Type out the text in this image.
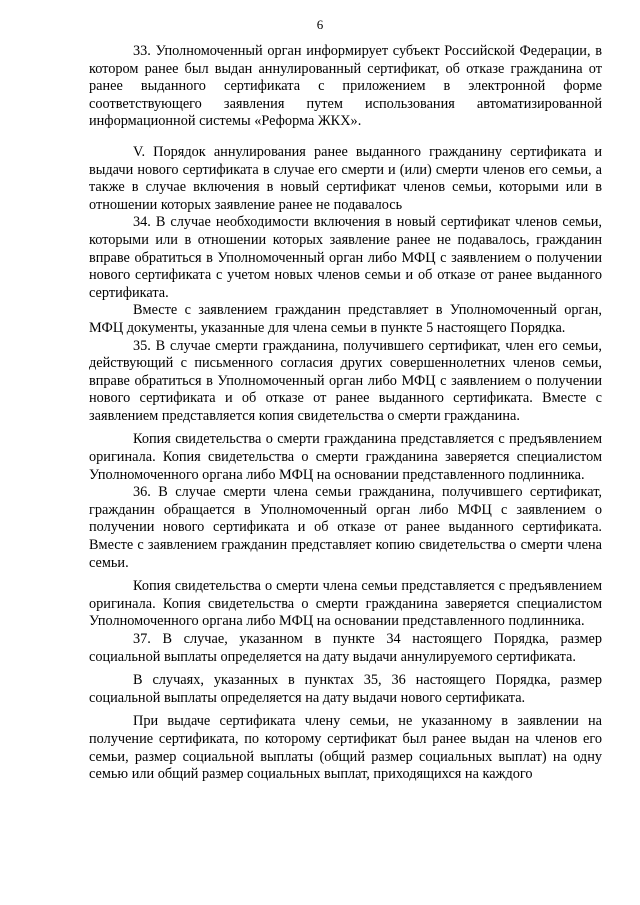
6

33. Уполномоченный орган информирует субъект Российской Федерации, в котором ранее был выдан аннулированный сертификат, об отказе гражданина от ранее выданного сертификата с приложением в электронной форме соответствующего заявления путем использования автоматизированной информационной системы «Реформа ЖКХ».

V. Порядок аннулирования ранее выданного гражданину сертификата и выдачи нового сертификата в случае его смерти и (или) смерти членов его семьи, а также в случае включения в новый сертификат членов семьи, которыми или в отношении которых заявление ранее не подавалось

34. В случае необходимости включения в новый сертификат членов семьи, которыми или в отношении которых заявление ранее не подавалось, гражданин вправе обратиться в Уполномоченный орган либо МФЦ с заявлением о получении нового сертификата с учетом новых членов семьи и об отказе от ранее выданного сертификата.

Вместе с заявлением гражданин представляет в Уполномоченный орган, МФЦ документы, указанные для члена семьи в пункте 5 настоящего Порядка.

35. В случае смерти гражданина, получившего сертификат, член его семьи, действующий с письменного согласия других совершеннолетних членов семьи, вправе обратиться в Уполномоченный орган либо МФЦ с заявлением о получении нового сертификата и об отказе от ранее выданного сертификата. Вместе с заявлением представляется копия свидетельства о смерти гражданина.

Копия свидетельства о смерти гражданина представляется с предъявлением оригинала. Копия свидетельства о смерти гражданина заверяется специалистом Уполномоченного органа либо МФЦ на основании представленного подлинника.

36. В случае смерти члена семьи гражданина, получившего сертификат, гражданин обращается в Уполномоченный орган либо МФЦ с заявлением о получении нового сертификата и об отказе от ранее выданного сертификата. Вместе с заявлением гражданин представляет копию свидетельства о смерти члена семьи.

Копия свидетельства о смерти члена семьи представляется с предъявлением оригинала. Копия свидетельства о смерти гражданина заверяется специалистом Уполномоченного органа либо МФЦ на основании представленного подлинника.

37. В случае, указанном в пункте 34 настоящего Порядка, размер социальной выплаты определяется на дату выдачи аннулируемого сертификата.

В случаях, указанных в пунктах 35, 36 настоящего Порядка, размер социальной выплаты определяется на дату выдачи нового сертификата.

При выдаче сертификата члену семьи, не указанному в заявлении на получение сертификата, по которому сертификат был ранее выдан на членов его семьи, размер социальной выплаты (общий размер социальных выплат) на одну семью или общий размер социальных выплат, приходящихся на каждого
